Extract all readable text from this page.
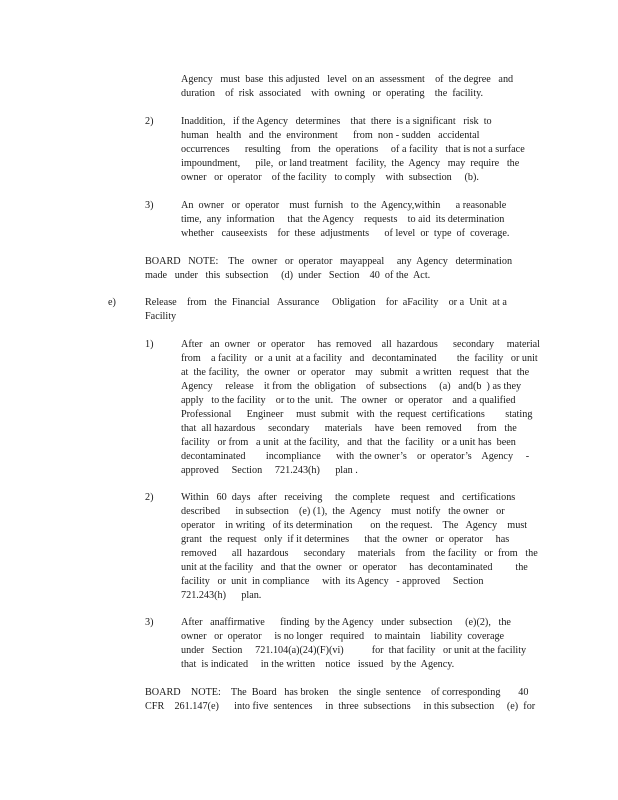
Agency   must  base  this adjusted   level  on an  assessment    of  the degree   and
duration    of  risk  associated    with  owning   or  operating    the  facility.
2)	Inaddition,   if the Agency   determines    that  there  is a significant   risk  to
human   health   and  the  environment      from  non - sudden   accidental
occurrences      resulting    from   the  operations     of a facility   that is not a surface
impoundment,      pile,  or land treatment   facility,  the  Agency   may  require   the
owner   or  operator    of the facility   to comply    with  subsection     (b).
3)	An  owner   or  operator    must  furnish   to  the  Agency,within      a reasonable
time,  any  information     that  the Agency    requests    to aid  its determination
whether   causeexists    for  these  adjustments      of level  or  type  of  coverage.
BOARD   NOTE:    The   owner   or  operator   mayappeal     any  Agency   determination
made   under   this  subsection     (d)  under   Section    40  of the  Act.
e)	Release    from   the  Financial   Assurance     Obligation    for  aFacility    or a  Unit  at a
Facility
1)	After   an  owner   or  operator     has  removed    all  hazardous      secondary     material
from    a facility   or  a unit  at a facility   and   decontaminated        the  facility   or unit
at  the facility,   the  owner   or  operator    may   submit   a written   request   that  the
Agency     release    it from  the  obligation    of  subsections     (a)   and(b  ) as they
apply   to the facility    or to the  unit.   The  owner   or  operator    and  a qualified
Professional      Engineer     must  submit   with  the  request  certifications        stating
that  all hazardous     secondary      materials     have   been  removed      from   the
facility   or from   a unit  at the facility,   and  that  the  facility   or a unit has  been
decontaminated        incompliance      with  the owner’s    or  operator’s    Agency     -
approved     Section     721.243(h)      plan .
2)	Within   60  days   after   receiving     the  complete    request    and   certifications
described      in subsection    (e) (1),  the  Agency    must  notify   the owner   or
operator    in writing   of its determination       on  the request.    The   Agency    must
grant   the  request   only  if it determines      that  the  owner   or  operator     has
removed      all  hazardous      secondary     materials    from   the facility   or  from   the
unit at the facility   and  that the  owner   or  operator     has  decontaminated         the
facility   or  unit  in compliance     with  its Agency   - approved     Section
721.243(h)      plan.
3)	After   anaffirmative      finding  by the Agency   under  subsection     (e)(2),   the
owner   or  operator     is no longer   required    to maintain    liability  coverage
under   Section     721.104(a)(24)(F)(vi)           for  that facility   or unit at the facility
that  is indicated     in the written    notice   issued   by the  Agency.
BOARD    NOTE:    The  Board   has broken    the  single  sentence    of corresponding       40
CFR    261.147(e)      into five  sentences     in  three  subsections     in this subsection     (e)  for
